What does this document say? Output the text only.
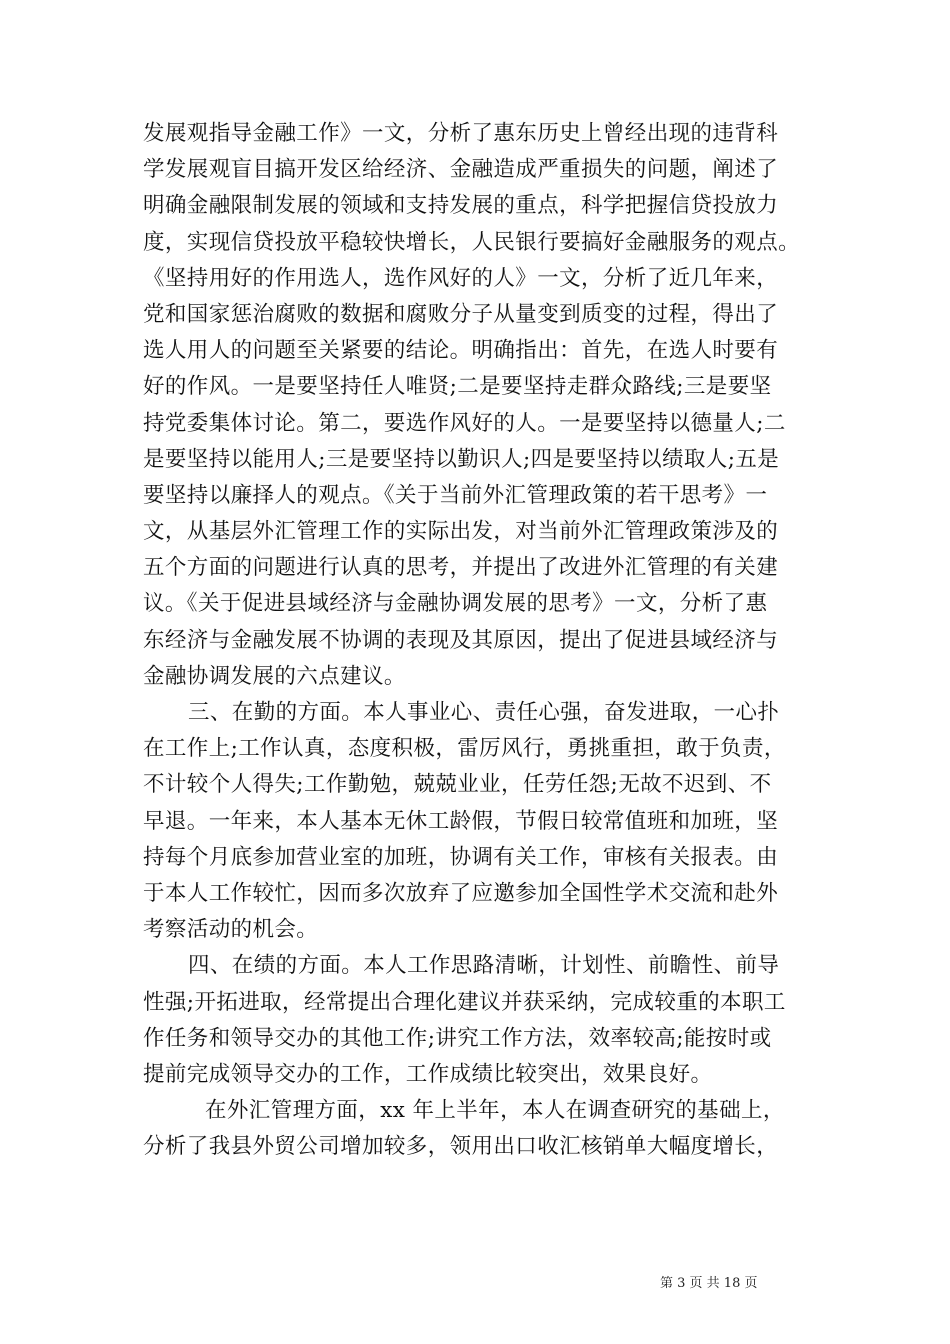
发展观指导金融工作》一文，分析了惠东历史上曾经出现的违背科
学发展观盲目搞开发区给经济、金融造成严重损失的问题，阐述了
明确金融限制发展的领域和支持发展的重点，科学把握信贷投放力
度，实现信贷投放平稳较快增长，人民银行要搞好金融服务的观点。
《坚持用好的作用选人，选作风好的人》一文，分析了近几年来，
党和国家惩治腐败的数据和腐败分子从量变到质变的过程，得出了
选人用人的问题至关紧要的结论。明确指出：首先，在选人时要有
好的作风。一是要坚持任人唯贤;二是要坚持走群众路线;三是要坚
持党委集体讨论。第二，要选作风好的人。一是要坚持以德量人;二
是要坚持以能用人;三是要坚持以勤识人;四是要坚持以绩取人;五是
要坚持以廉择人的观点。《关于当前外汇管理政策的若干思考》一
文，从基层外汇管理工作的实际出发，对当前外汇管理政策涉及的
五个方面的问题进行认真的思考，并提出了改进外汇管理的有关建
议。《关于促进县域经济与金融协调发展的思考》一文，分析了惠
东经济与金融发展不协调的表现及其原因，提出了促进县域经济与
金融协调发展的六点建议。
三、在勤的方面。本人事业心、责任心强，奋发进取，一心扑
在工作上;工作认真，态度积极，雷厉风行，勇挑重担，敢于负责，
不计较个人得失;工作勤勉，兢兢业业，任劳任怨;无故不迟到、不
早退。一年来，本人基本无休工龄假，节假日较常值班和加班，坚
持每个月底参加营业室的加班，协调有关工作，审核有关报表。由
于本人工作较忙，因而多次放弃了应邀参加全国性学术交流和赴外
考察活动的机会。
四、在绩的方面。本人工作思路清晰，计划性、前瞻性、前导
性强;开拓进取，经常提出合理化建议并获采纳，完成较重的本职工
作任务和领导交办的其他工作;讲究工作方法，效率较高;能按时或
提前完成领导交办的工作，工作成绩比较突出，效果良好。
在外汇管理方面，xx 年上半年，本人在调查研究的基础上，
分析了我县外贸公司增加较多，领用出口收汇核销单大幅度增长，
第 3 页 共 18 页
